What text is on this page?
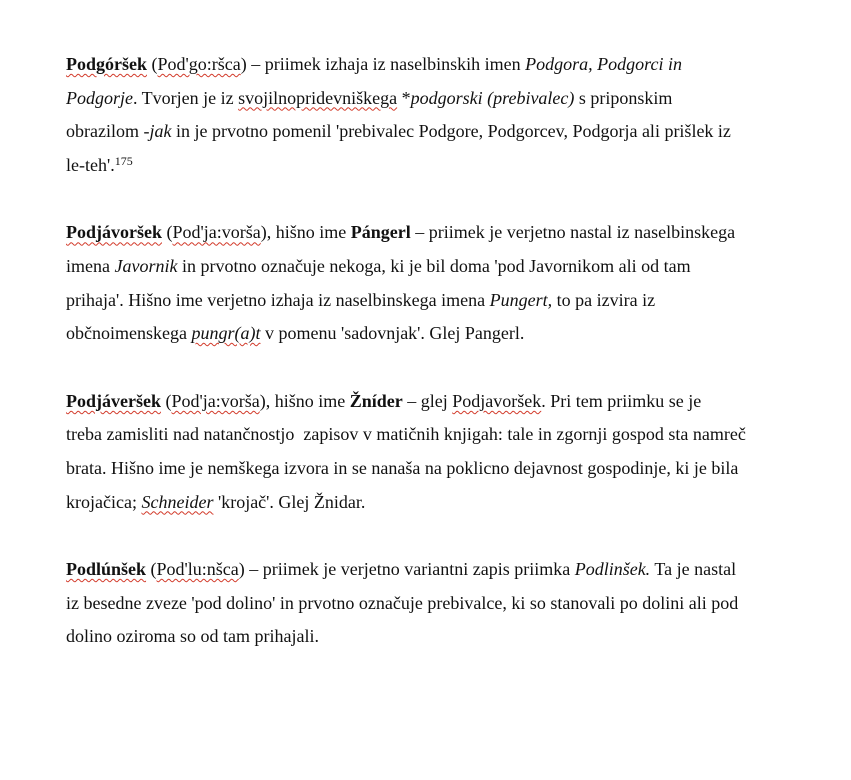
Podgóršek (Pod'go:ršca) – priimek izhaja iz naselbinskih imen Podgora, Podgorci in
Podgorje. Tvorjen je iz svojilnopridevniškega *podgorski (prebivalec) s priponskim
obrazilom -jak in je prvotno pomenil 'prebivalec Podgore, Podgorcev, Podgorja ali prišlek iz
le-teh'.$^{175}$
Podjávoršek (Pod'ja:vorša), hišno ime Pángerl – priimek je verjetno nastal iz naselbinskega
imena Javornik in prvotno označuje nekoga, ki je bil doma 'pod Javornikom ali od tam
prihaja'. Hišno ime verjetno izhaja iz naselbinskega imena Pungert, to pa izvira iz
občnoimenskega pungr(a)t v pomenu 'sadovnjak'. Glej Pangerl.
Podjáveršek (Pod'ja:vorša), hišno ime Žníder – glej Podjavoršek. Pri tem priimku se je
treba zamisliti nad natančnostjo  zapisov v matičnih knjigah: tale in zgornji gospod sta namreč
brata. Hišno ime je nemškega izvora in se nanaša na poklicno dejavnost gospodinje, ki je bila
krojačica; Schneider 'krojač'. Glej Žnidar.
Podlúnšek (Pod'lu:nšca) – priimek je verjetno variantni zapis priimka Podlinšek. Ta je nastal
iz besedne zveze 'pod dolino' in prvotno označuje prebivalce, ki so stanovali po dolini ali pod
dolino oziroma so od tam prihajali.
